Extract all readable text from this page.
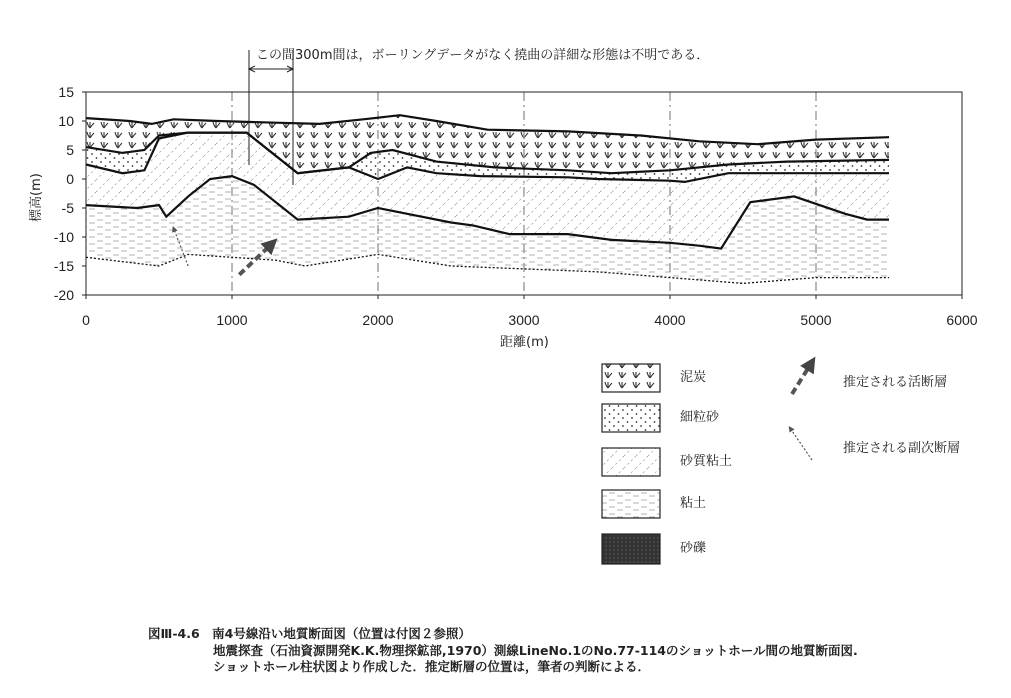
この間300m間は，ボーリングデータがなく撓曲の詳細な形態は不明である．
0	1000	2000	3000	4000	5000	6000
15
10
5
0
-5
-10
-15
-20
距離(m)
標高(m)
泥炭
細粒砂
砂質粘土
粘土
砂礫
推定される活断層
推定される副次断層
図Ⅲ-4.6　南4号線沿い地質断面図（位置は付図２参照）
地震探査（石油資源開発K.K.物理探鉱部,1970）測線LineNo.1のNo.77-114のショットホール間の地質断面図.
ショットホール柱状図より作成した．推定断層の位置は，筆者の判断による．
